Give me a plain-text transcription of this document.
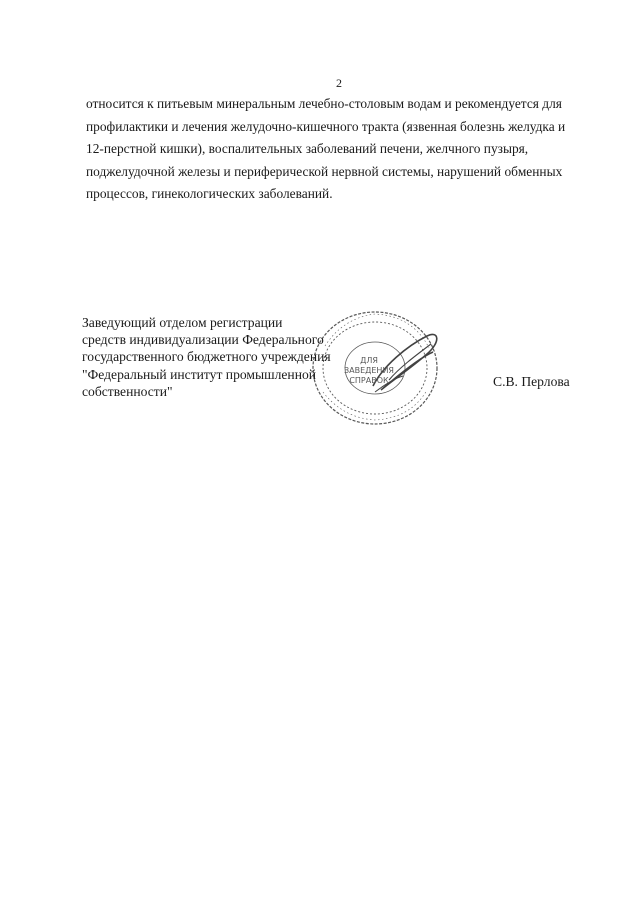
2
относится к питьевым минеральным лечебно-столовым водам и рекомендуется для
профилактики и лечения желудочно-кишечного тракта (язвенная болезнь желудка и
12-перстной кишки), воспалительных заболеваний печени, желчного пузыря,
поджелудочной железы и периферической нервной системы, нарушений обменных
процессов, гинекологических заболеваний.
ДЛЯ
ЗАВЕДЕНИЯ
СПРАВОК
Заведующий отделом регистрации
средств индивидуализации Федерального
государственного бюджетного учреждения
"Федеральный институт промышленной
собственности"
С.В. Перлова
